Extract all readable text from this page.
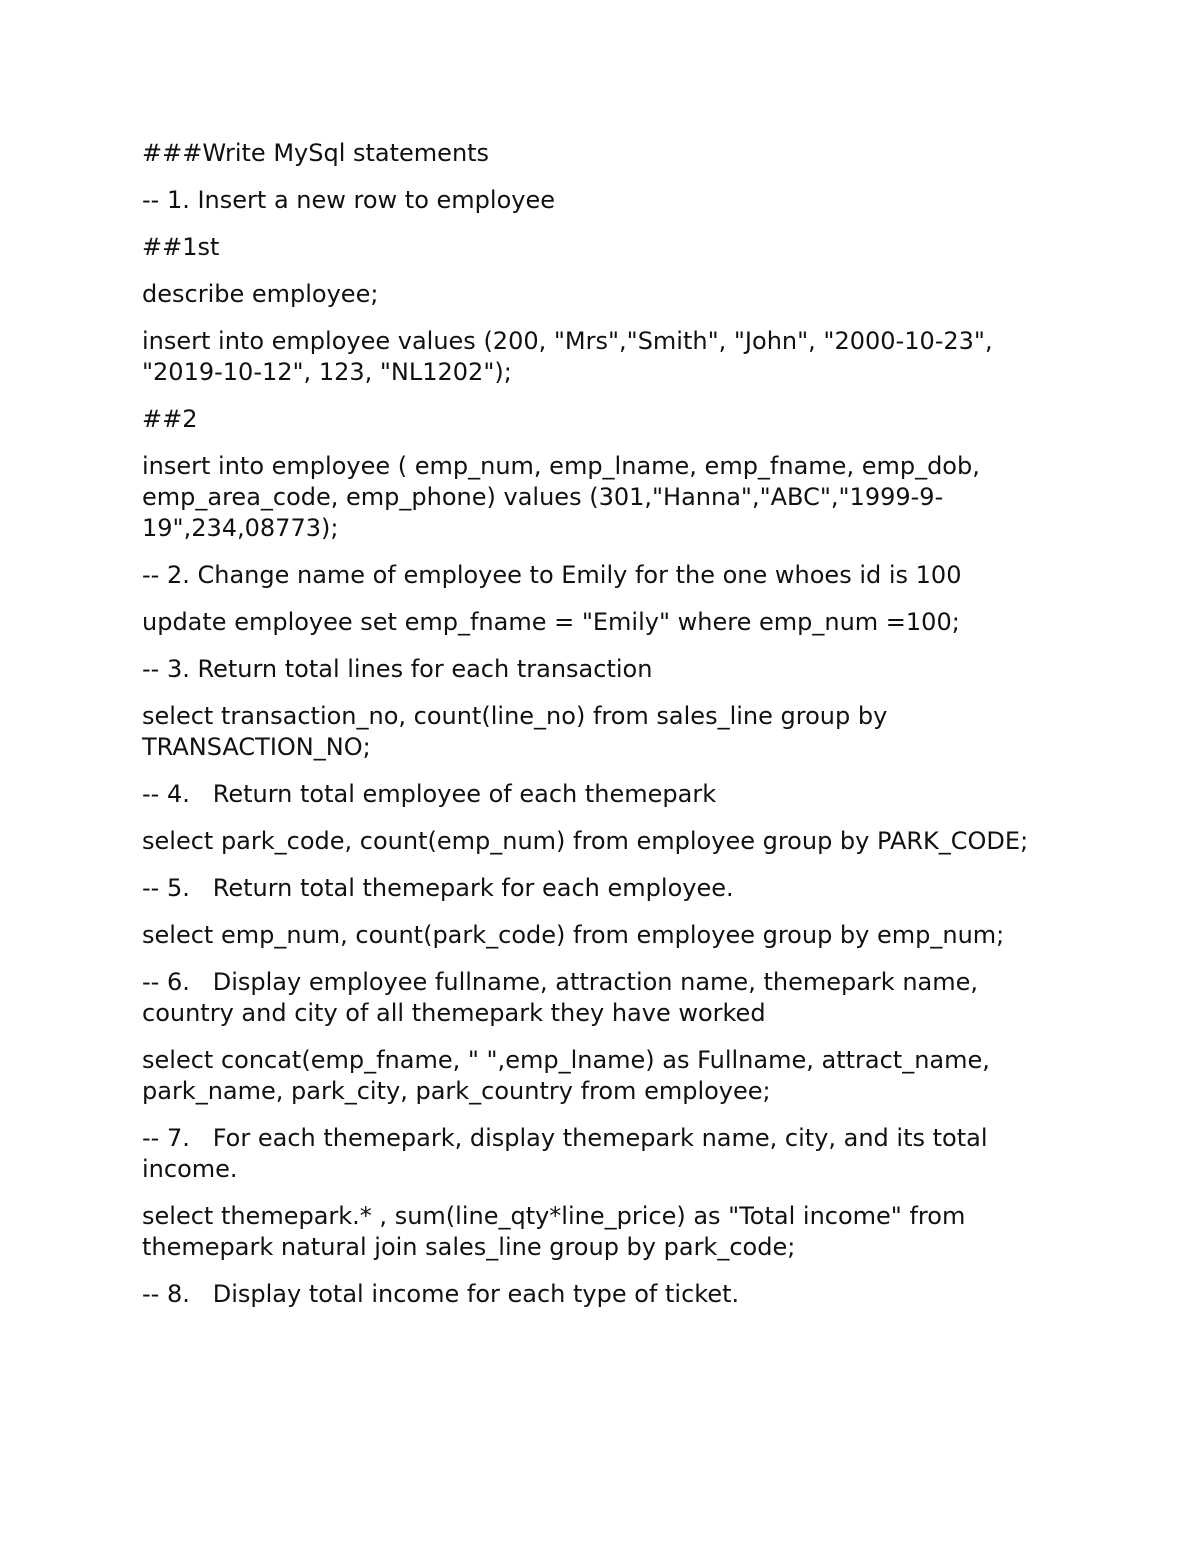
###Write MySql statements
-- 1. Insert a new row to employee
##1st
describe employee;
insert into employee values (200, "Mrs","Smith", "John", "2000-10-23",
"2019-10-12", 123, "NL1202");
##2
insert into employee ( emp_num, emp_lname, emp_fname, emp_dob,
emp_area_code, emp_phone) values (301,"Hanna","ABC","1999-9-
19",234,08773);
-- 2. Change name of employee to Emily for the one whoes id is 100
update employee set emp_fname = "Emily" where emp_num =100;
-- 3. Return total lines for each transaction
select transaction_no, count(line_no) from sales_line group by
TRANSACTION_NO;
-- 4.   Return total employee of each themepark
select park_code, count(emp_num) from employee group by PARK_CODE;
-- 5.   Return total themepark for each employee.
select emp_num, count(park_code) from employee group by emp_num;
-- 6.   Display employee fullname, attraction name, themepark name,
country and city of all themepark they have worked
select concat(emp_fname, " ",emp_lname) as Fullname, attract_name,
park_name, park_city, park_country from employee;
-- 7.   For each themepark, display themepark name, city, and its total
income.
select themepark.* , sum(line_qty*line_price) as "Total income" from
themepark natural join sales_line group by park_code;
-- 8.   Display total income for each type of ticket.
